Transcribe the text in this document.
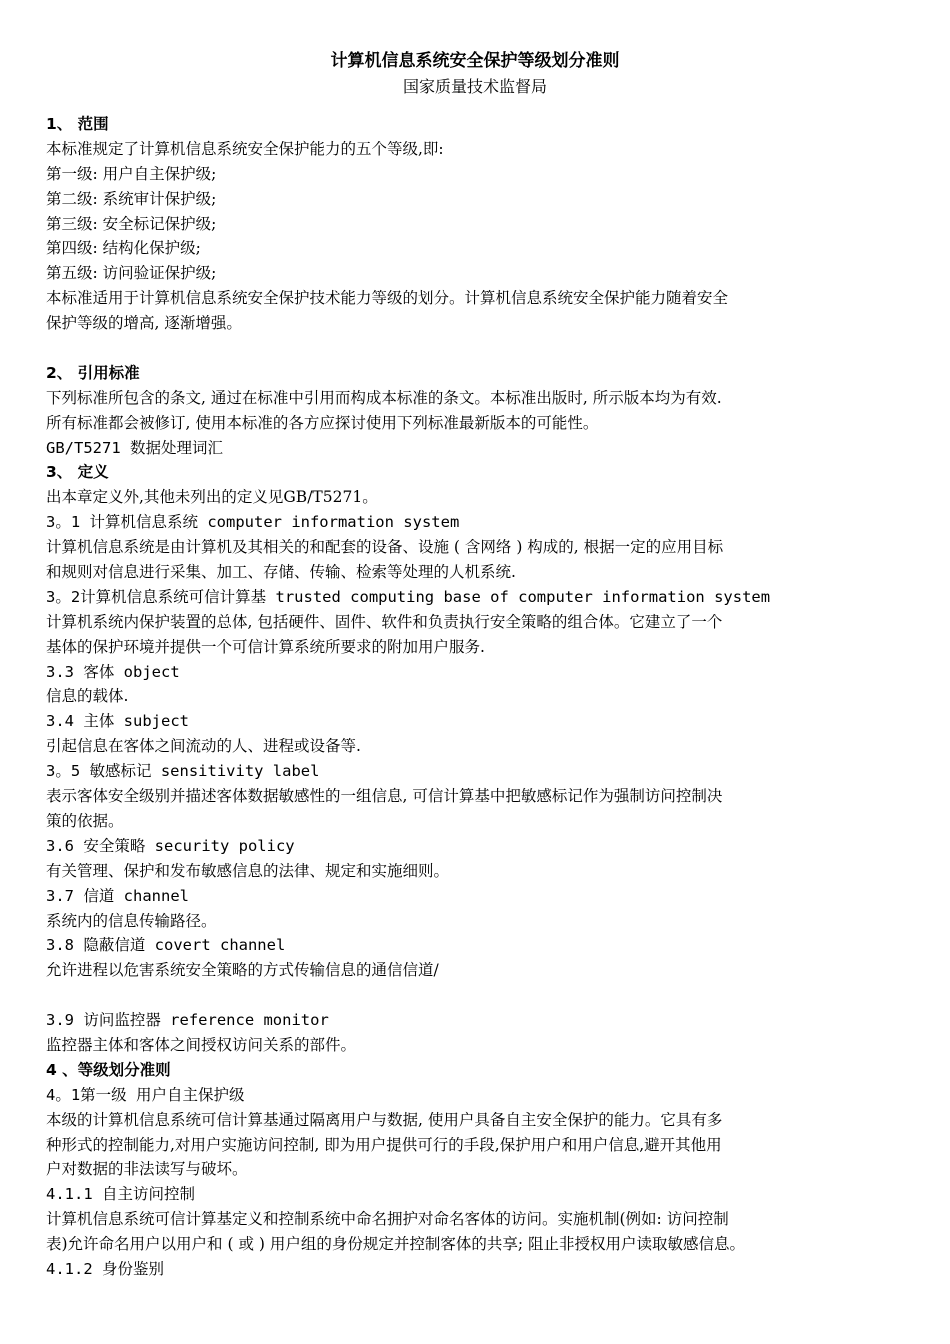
计算机信息系统安全保护等级划分准则
国家质量技术监督局
1、 范围
本标准规定了计算机信息系统安全保护能力的五个等级,即:
第一级: 用户自主保护级;
第二级: 系统审计保护级;
第三级: 安全标记保护级;
第四级: 结构化保护级;
第五级: 访问验证保护级;
本标准适用于计算机信息系统安全保护技术能力等级的划分。计算机信息系统安全保护能力随着安全
保护等级的增高, 逐渐增强。
2、 引用标准
下列标准所包含的条文, 通过在标准中引用而构成本标准的条文。本标准出版时, 所示版本均为有效.
所有标准都会被修订, 使用本标准的各方应探讨使用下列标准最新版本的可能性。
GB/T5271 数据处理词汇
3、 定义
出本章定义外,其他未列出的定义见GB/T5271。
3。1 计算机信息系统 computer information system
计算机信息系统是由计算机及其相关的和配套的设备、设施 ( 含网络 ) 构成的, 根据一定的应用目标
和规则对信息进行采集、加工、存储、传输、检索等处理的人机系统.
3。2计算机信息系统可信计算基 trusted computing base of computer information system
计算机系统内保护装置的总体, 包括硬件、固件、软件和负责执行安全策略的组合体。它建立了一个
基体的保护环境并提供一个可信计算系统所要求的附加用户服务.
3.3 客体 object
信息的载体.
3.4 主体 subject
引起信息在客体之间流动的人、进程或设备等.
3。5 敏感标记 sensitivity label
表示客体安全级别并描述客体数据敏感性的一组信息, 可信计算基中把敏感标记作为强制访问控制决
策的依据。
3.6 安全策略 security policy
有关管理、保护和发布敏感信息的法律、规定和实施细则。
3.7 信道 channel
系统内的信息传输路径。
3.8 隐蔽信道 covert channel
允许进程以危害系统安全策略的方式传输信息的通信信道/
3.9 访问监控器 reference monitor
监控器主体和客体之间授权访问关系的部件。
4 、等级划分准则
4。1第一级 用户自主保护级
本级的计算机信息系统可信计算基通过隔离用户与数据, 使用户具备自主安全保护的能力。它具有多
种形式的控制能力,对用户实施访问控制, 即为用户提供可行的手段,保护用户和用户信息,避开其他用
户对数据的非法读写与破坏。
4.1.1 自主访问控制
计算机信息系统可信计算基定义和控制系统中命名拥护对命名客体的访问。实施机制(例如: 访问控制
表)允许命名用户以用户和 ( 或 ) 用户组的身份规定并控制客体的共享; 阻止非授权用户读取敏感信息。
4.1.2 身份鉴别
